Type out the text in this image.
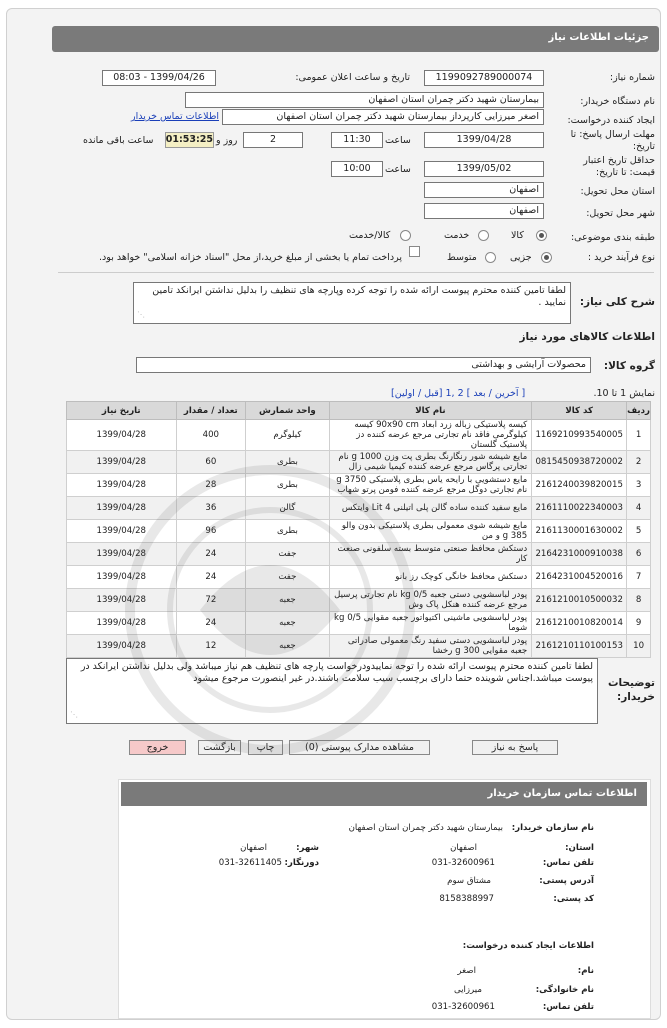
جزئیات اطلاعات نیاز
شماره نیاز:
1199092789000074
تاریخ و ساعت اعلان عمومی:
1399/04/26 - 08:03
نام دستگاه خریدار:
بیمارستان شهید دکتر چمران استان اصفهان
ایجاد کننده درخواست:
اصغر میرزایی کارپرداز بیمارستان شهید دکتر چمران استان اصفهان
اطلاعات تماس خریدار
مهلت ارسال پاسخ: تا تاریخ:
1399/04/28
ساعت
11:30
2
روز و
01:53:25
ساعت باقی مانده
حداقل تاریخ اعتبار قیمت: تا تاریخ:
1399/05/02
ساعت
10:00
استان محل تحویل:
اصفهان
شهر محل تحویل:
اصفهان
طبقه بندی موضوعی:
کالا
خدمت
کالا/خدمت
نوع فرآیند خرید :
جزیی
متوسط
پرداخت تمام یا بخشی از مبلغ خرید،از محل "اسناد خزانه اسلامی" خواهد بود.
شرح کلی نیاز:
لطفا تامین کننده محترم پیوست ارائه شده را توجه کرده وپارچه های تنظیف را بدلیل نداشتن ایرانکد تامین نمایید .
⋰
اطلاعات کالاهای مورد نیاز
گروه کالا:
محصولات آرایشی و بهداشتی
نمایش 1 تا 10.
[ آخرین / بعد ] 2 ,1 [قبل / اولین]
ردیف	کد کالا	نام کالا	واحد شمارش	تعداد / مقدار	تاریخ نیاز
1	1169210993540005	کیسه پلاستیکی زباله زرد ابعاد 90x90 cm کیسه کیلوگرمی فاقد نام تجارتی مرجع عرضه کننده دز پلاستیک گلستان	کیلوگرم	400	1399/04/28
2	0815450938720002	مایع شیشه شور رنگارنگ بطری پت وزن 1000 g نام تجارتی پرگاس مرجع عرضه کننده کیمیا شیمی زال	بطری	60	1399/04/28
3	2161240039820015	مایع دستشویی با رایحه یاس بطری پلاستیکی 3750 g نام تجارتی دوگل مرجع عرضه کننده فومن پرتو شهاب	بطری	28	1399/04/28
4	2161110022340003	مایع سفید کننده ساده گالن پلی اتیلنی 4 Lit وایتکس	گالن	36	1399/04/28
5	2161130001630002	مایع شیشه شوی معمولی بطری پلاستیکی بدون والو 385 g و من	بطری	96	1399/04/28
6	2164231000910038	دستکش محافظ صنعتی متوسط بسته سلفونی صنعت کار	جفت	24	1399/04/28
7	2164231004520016	دستکش محافظ خانگی کوچک رز بانو	جفت	24	1399/04/28
8	2161210010500032	پودر لباسشویی دستی جعبه 0/5 kg نام تجارتی پرسیل مرجع عرضه کننده هنکل پاک وش	جعبه	72	1399/04/28
9	2161210010820014	پودر لباسشویی ماشینی اکتیواتور جعبه مقوایی 0/5 kg شوما	جعبه	24	1399/04/28
10	2161210110100153	پودر لباسشویی دستی سفید رنگ معمولی صادراتی جعبه مقوایی 300 g رخشا	جعبه	12	1399/04/28
توضیحات خریدار:
لطفا تامین کننده محترم پیوست ارائه شده را توجه نماییدودرخواست پارچه های تنظیف هم نیاز میباشد ولی بدلیل نداشتن ایرانکد در پیوست میباشد.اجناس شوینده حتما دارای برچسب سیب سلامت باشند.در غیر اینصورت مرجوع میشود
⋰
پاسخ به نیاز
مشاهده مدارک پیوستی (0)
چاپ
بازگشت
خروج
اطلاعات تماس سازمان خریدار
نام سازمان خریدار:
بیمارستان شهید دکتر چمران استان اصفهان
استان:
اصفهان
شهر:
اصفهان
تلفن تماس:
031-32600961
دورنگار:
031-32611405
آدرس پستی:
مشتاق سوم
کد پستی:
8158388997
اطلاعات ایجاد کننده درخواست:
نام:
اصغر
نام خانوادگی:
میرزایی
تلفن تماس:
031-32600961
